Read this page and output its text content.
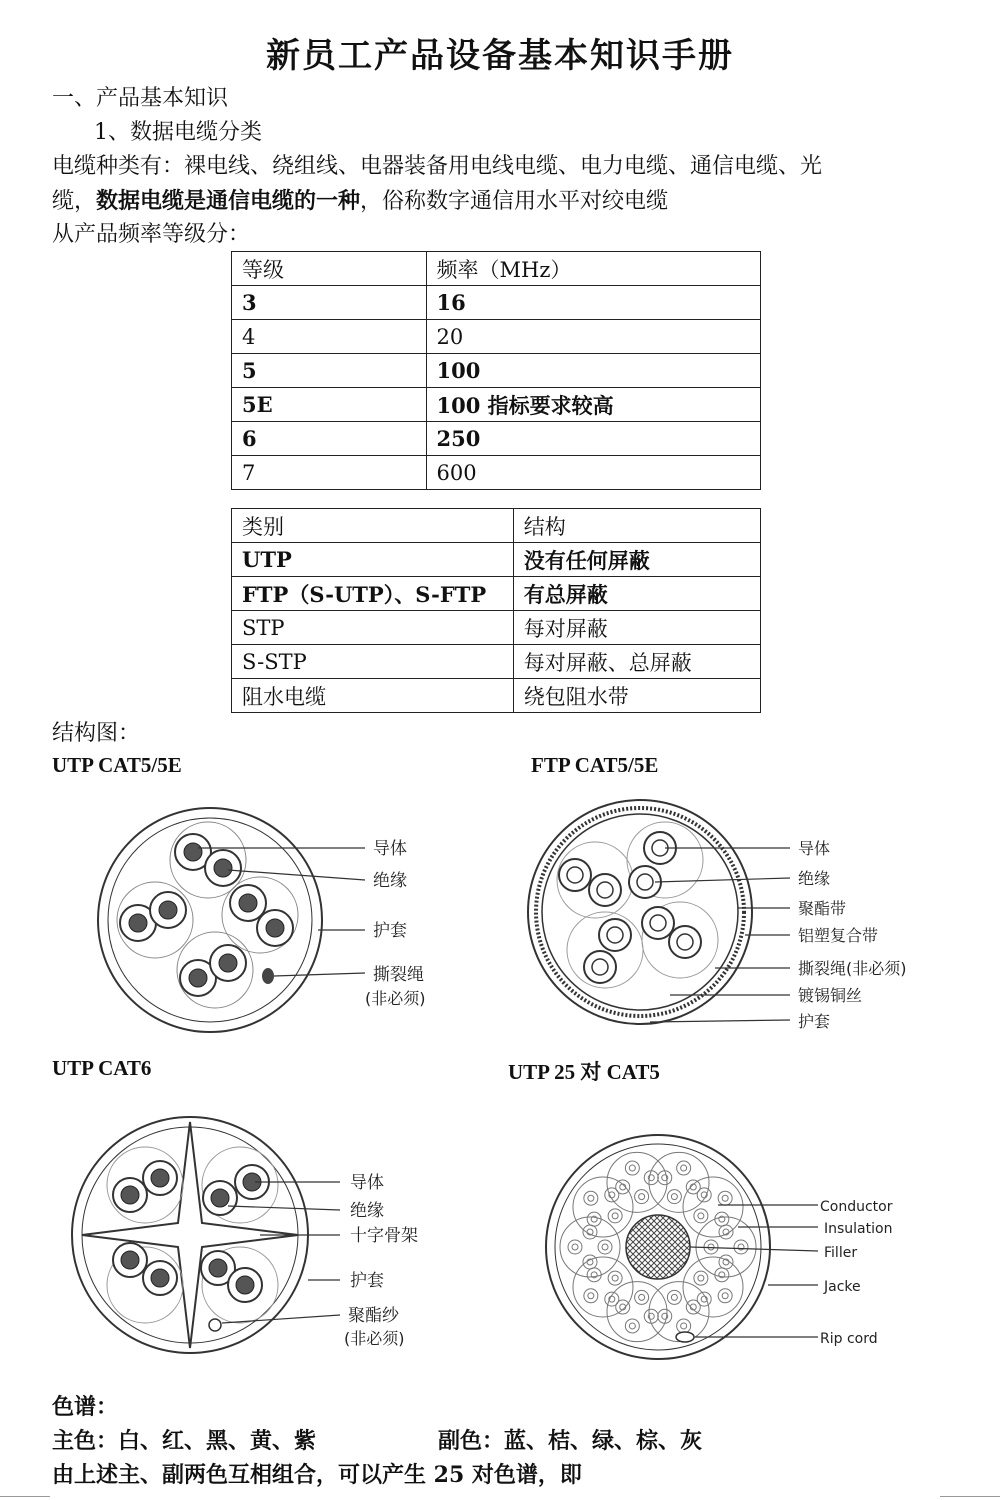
新员工产品设备基本知识手册
一、产品基本知识
1、数据电缆分类
电缆种类有：裸电线、绕组线、电器装备用电线电缆、电力电缆、通信电缆、光
缆，数据电缆是通信电缆的一种，俗称数字通信用水平对绞电缆
从产品频率等级分：
等级	频率（MHz）
3	16
4	20
5	100
5E	100 指标要求较高
6	250
7	600
类别	结构
UTP	没有任何屏蔽
FTP（S-UTP）、S-FTP	有总屏蔽
STP	每对屏蔽
S-STP	每对屏蔽、总屏蔽
阻水电缆	绕包阻水带
结构图：
UTP CAT5/5E	FTP CAT5/5E
UTP CAT6	UTP 25 对 CAT5
导体
绝缘
护套
撕裂绳
(非必须)
导体
绝缘
聚酯带
铝塑复合带
撕裂绳(非必须)
镀锡铜丝
护套
导体
绝缘
十字骨架
护套
聚酯纱
(非必须)
Conductor
Insulation
Filler
Jacke
Rip cord
色谱：
主色：白、红、黑、黄、紫	副色：蓝、桔、绿、棕、灰
由上述主、副两色互相组合，可以产生 25 对色谱，即
